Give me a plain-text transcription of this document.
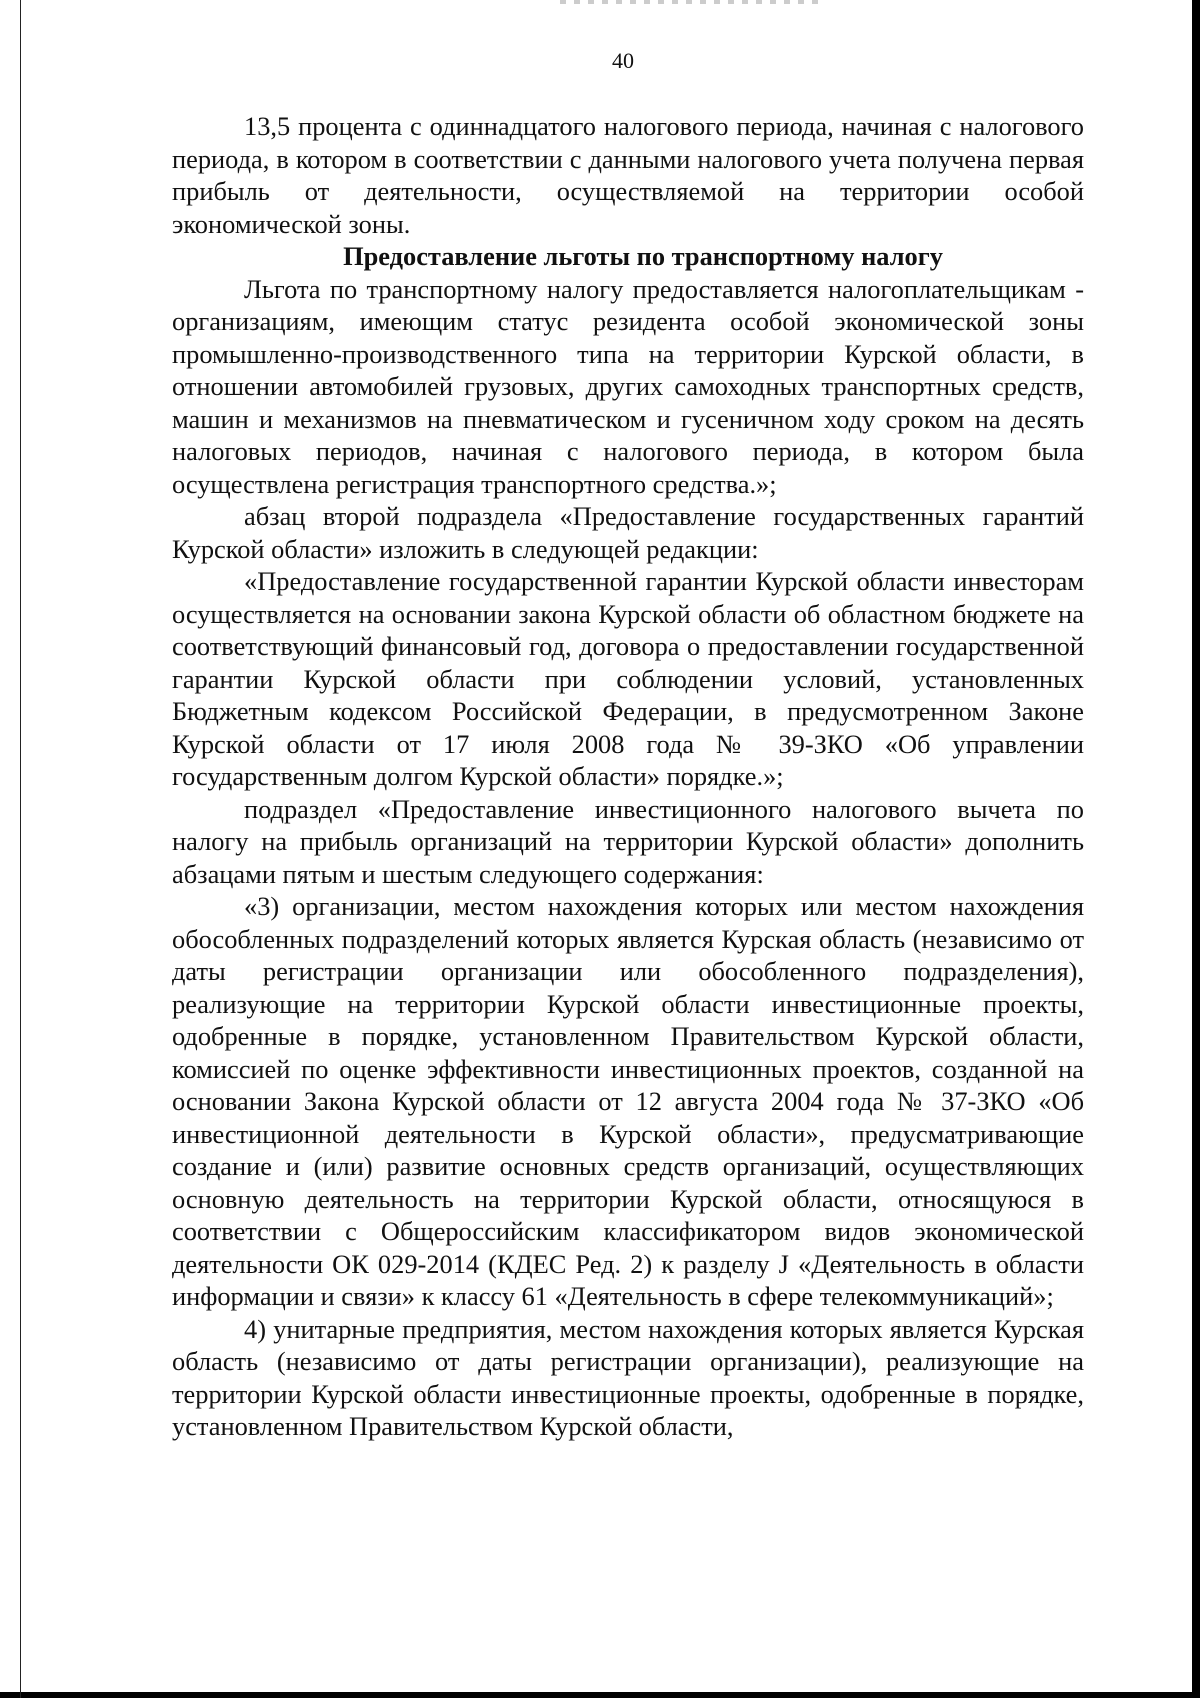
40

13,5 процента с одиннадцатого налогового периода, начиная с налогового периода, в котором в соответствии с данными налогового учета получена первая прибыль от деятельности, осуществляемой на территории особой экономической зоны.

Предоставление льготы по транспортному налогу

Льгота по транспортному налогу предоставляется налогоплательщикам - организациям, имеющим статус резидента особой экономической зоны промышленно-производственного типа на территории Курской области, в отношении автомобилей грузовых, других самоходных транспортных средств, машин и механизмов на пневматическом и гусеничном ходу сроком на десять налоговых периодов, начиная с налогового периода, в котором была осуществлена регистрация транспортного средства.»;

абзац второй подраздела «Предоставление государственных гарантий Курской области» изложить в следующей редакции:

«Предоставление государственной гарантии Курской области инвесторам осуществляется на основании закона Курской области об областном бюджете на соответствующий финансовый год, договора о предоставлении государственной гарантии Курской области при соблюдении условий, установленных Бюджетным кодексом Российской Федерации, в предусмотренном Законе Курской области от 17 июля 2008 года № 39-ЗКО «Об управлении государственным долгом Курской области» порядке.»;

подраздел «Предоставление инвестиционного налогового вычета по налогу на прибыль организаций на территории Курской области» дополнить абзацами пятым и шестым следующего содержания:

«3) организации, местом нахождения которых или местом нахождения обособленных подразделений которых является Курская область (независимо от даты регистрации организации или обособленного подразделения), реализующие на территории Курской области инвестиционные проекты, одобренные в порядке, установленном Правительством Курской области, комиссией по оценке эффективности инвестиционных проектов, созданной на основании Закона Курской области от 12 августа 2004 года № 37-ЗКО «Об инвестиционной деятельности в Курской области», предусматривающие создание и (или) развитие основных средств организаций, осуществляющих основную деятельность на территории Курской области, относящуюся в соответствии с Общероссийским классификатором видов экономической деятельности ОК 029-2014 (КДЕС Ред. 2) к разделу J «Деятельность в области информации и связи» к классу 61 «Деятельность в сфере телекоммуникаций»;

4) унитарные предприятия, местом нахождения которых является Курская область (независимо от даты регистрации организации), реализующие на территории Курской области инвестиционные проекты, одобренные в порядке, установленном Правительством Курской области,
